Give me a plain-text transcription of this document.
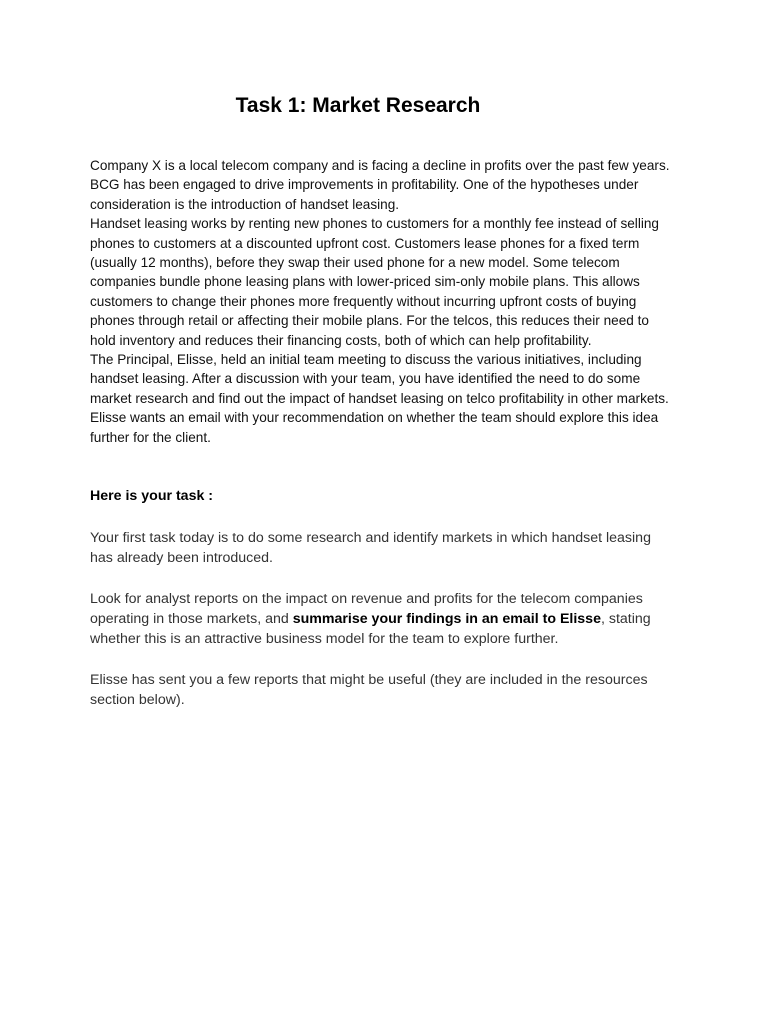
Task 1: Market Research

Company X is a local telecom company and is facing a decline in profits over the past few years. BCG has been engaged to drive improvements in profitability. One of the hypotheses under consideration is the introduction of handset leasing.

Handset leasing works by renting new phones to customers for a monthly fee instead of selling phones to customers at a discounted upfront cost. Customers lease phones for a fixed term (usually 12 months), before they swap their used phone for a new model. Some telecom companies bundle phone leasing plans with lower-priced sim-only mobile plans. This allows customers to change their phones more frequently without incurring upfront costs of buying phones through retail or affecting their mobile plans. For the telcos, this reduces their need to hold inventory and reduces their financing costs, both of which can help profitability.

The Principal, Elisse, held an initial team meeting to discuss the various initiatives, including handset leasing. After a discussion with your team, you have identified the need to do some market research and find out the impact of handset leasing on telco profitability in other markets.

Elisse wants an email with your recommendation on whether the team should explore this idea further for the client.

Here is your task :

Your first task today is to do some research and identify markets in which handset leasing has already been introduced.

Look for analyst reports on the impact on revenue and profits for the telecom companies operating in those markets, and summarise your findings in an email to Elisse, stating whether this is an attractive business model for the team to explore further.

Elisse has sent you a few reports that might be useful (they are included in the resources section below).
